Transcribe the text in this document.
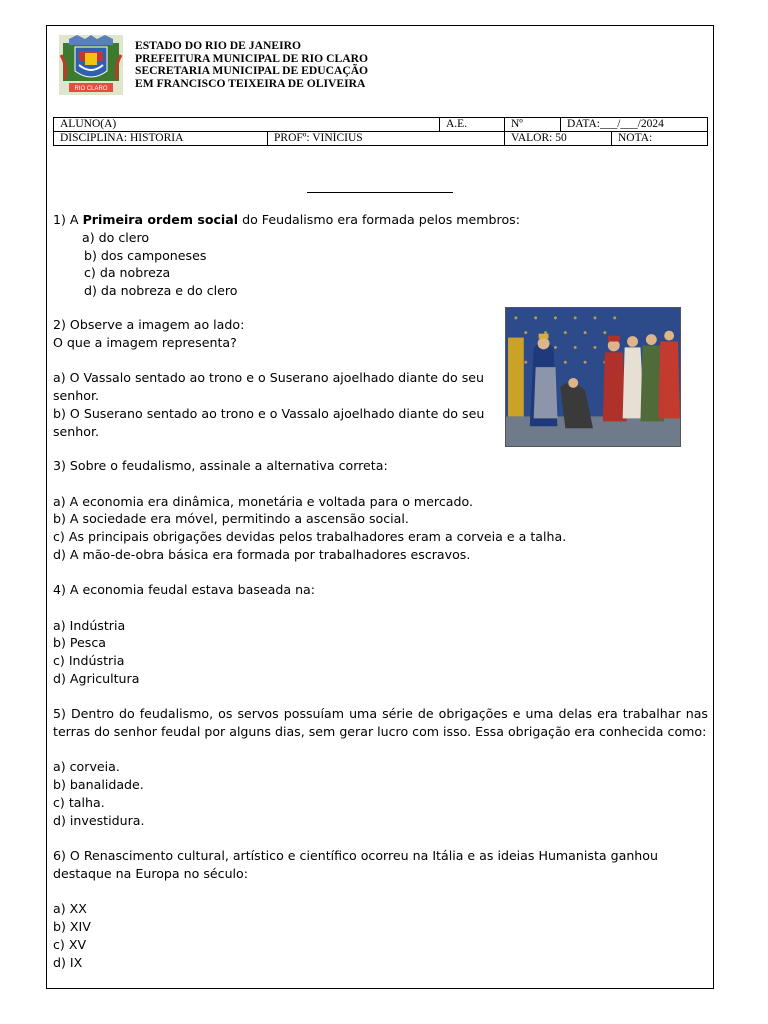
RIO CLARO
ESTADO DO RIO DE JANEIRO
PREFEITURA MUNICIPAL DE RIO CLARO
SECRETARIA MUNICIPAL DE EDUCAÇÃO
EM FRANCISCO TEIXEIRA DE OLIVEIRA
ALUNO(A)		A.E.	Nº	DATA:___/___/2024	
DISCIPLINA: HISTORIA	PROFº: VINÍCIUS		VALOR: 50		NOTA:

1) A Primeira ordem social do Feudalismo era formada pelos membros:

a) do clero

b) dos camponeses

c) da nobreza

d) da nobreza e do clero

2) Observe a imagem ao lado:

O que a imagem representa?

a) O Vassalo sentado ao trono e o Suserano ajoelhado diante do seu senhor.

b) O Suserano sentado ao trono e o Vassalo ajoelhado diante do seu senhor.

3) Sobre o feudalismo, assinale a alternativa correta:

a) A economia era dinâmica, monetária e voltada para o mercado.

b) A sociedade era móvel, permitindo a ascensão social.

c) As principais obrigações devidas pelos trabalhadores eram a corveia e a talha.

d) A mão-de-obra básica era formada por trabalhadores escravos.

4) A economia feudal estava baseada na:

a) Indústria

b) Pesca

c) Indústria

d) Agricultura

5) Dentro do feudalismo, os servos possuíam uma série de obrigações e uma delas era trabalhar nas terras do senhor feudal por alguns dias, sem gerar lucro com isso. Essa obrigação era conhecida como:

a) corveia.

b) banalidade.

c) talha.

d) investidura.

6) O Renascimento cultural, artístico e científico ocorreu na Itália e as ideias Humanista ganhou destaque na Europa no século:

a) XX

b) XIV

c) XV

d) IX
